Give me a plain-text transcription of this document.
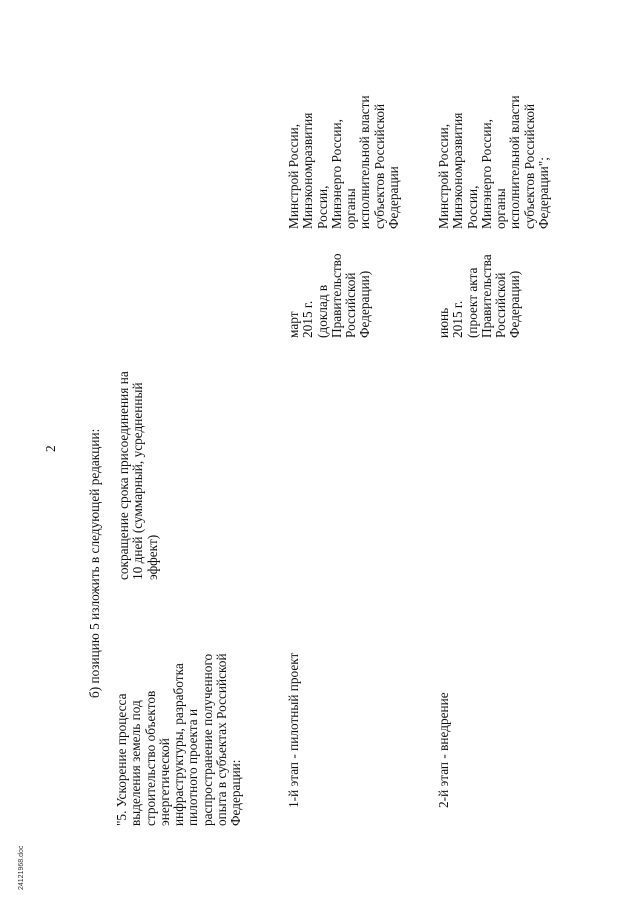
2 б) позицию 5 изложить в следующей редакции:
"5. Ускорение процесса выделения земель под строительство объектов энергетической инфраструктуры, разработка пилотного проекта и распространение полученного опыта в субъектах Российской Федерации:
сокращение срока присоединения на 10 дней (суммарный, усредненный эффект)
1-й этап - пилотный проект
март 2015 г. (доклад в Правительство Российской Федерации)
Минстрой России, Минэкономразвития России, Минэнерго России, органы исполнительной власти субъектов Российской Федерации
2-й этап - внедрение
июнь 2015 г. (проект акта Правительства Российской Федерации)
Минстрой России, Минэкономразвития России, Минэнерго России, органы исполнительной власти субъектов Российской Федерации";
24121968.doc
